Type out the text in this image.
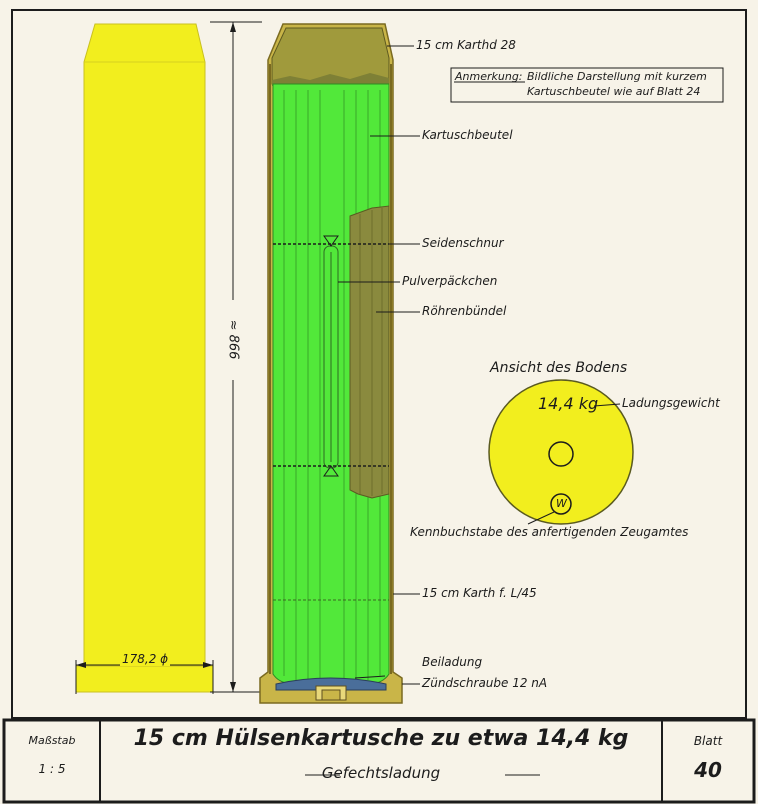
≈ 866
178,2 ϕ
15 cm Karthd 28
Anmerkung: Bildliche Darstellung mit kurzem
Kartuschbeutel wie auf Blatt 24
Kartuschbeutel
Seidenschnur
Pulverpäckchen
Röhrenbündel
15 cm Karth f. L/45
Beiladung
Zündschraube 12 nA
Ansicht des Bodens
14,4 kg Ladungsgewicht
W
Kennbuchstabe des anfertigenden Zeugamtes
Maßstab
1 : 5
15 cm Hülsenkartusche zu etwa 14,4 kg
Gefechtsladung
Blatt
40
